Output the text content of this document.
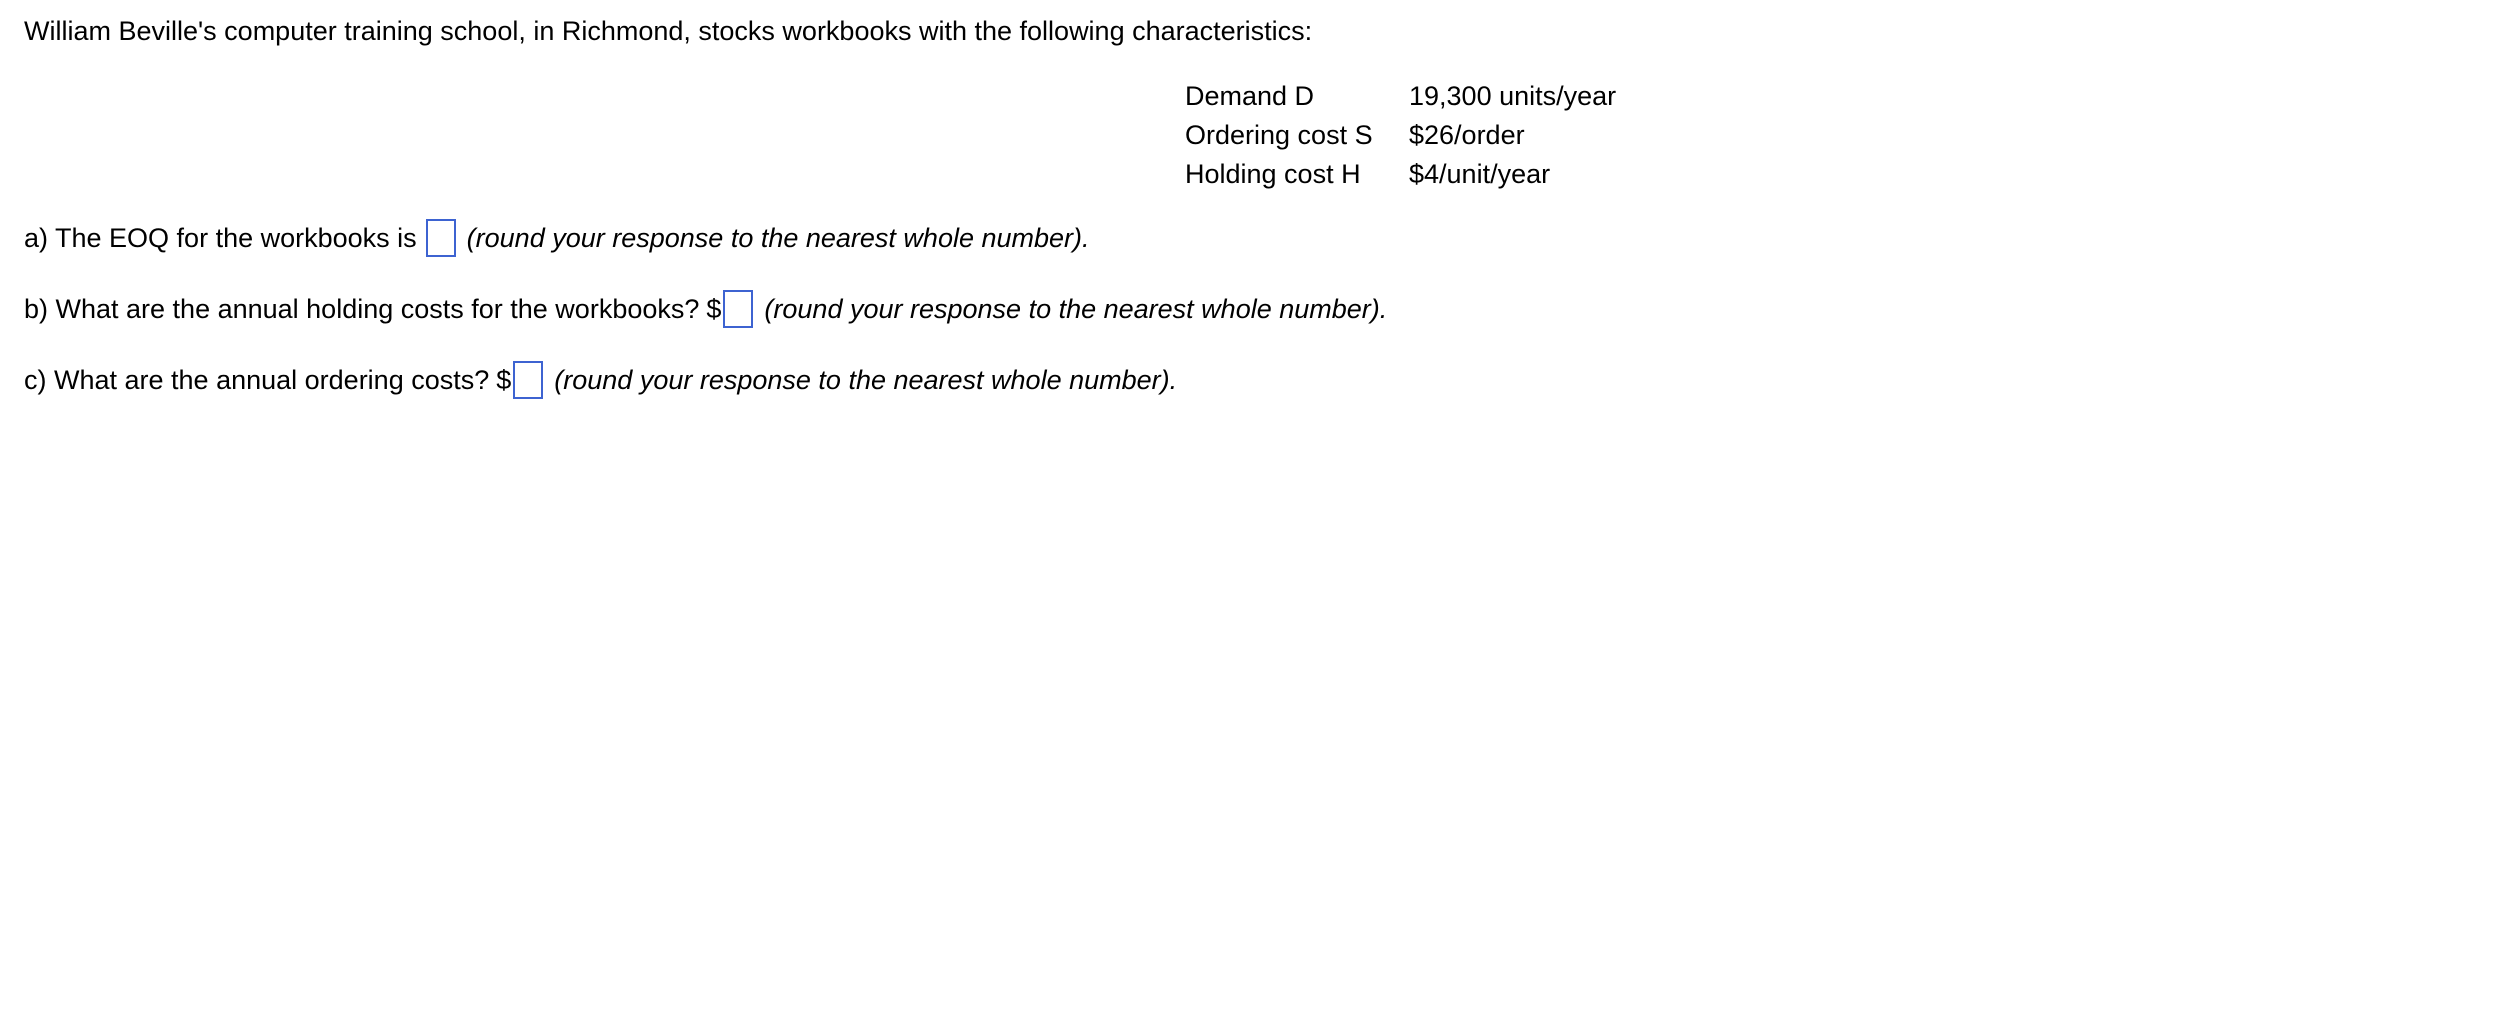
William Beville's computer training school, in Richmond, stocks workbooks with the following characteristics:
Demand D	19,300 units/year
Ordering cost S	$26/order
Holding cost H	$4/unit/year
a) The EOQ for the workbooks is (round your response to the nearest whole number).
b) What are the annual holding costs for the workbooks? $ (round your response to the nearest whole number).
c) What are the annual ordering costs? $ (round your response to the nearest whole number).
